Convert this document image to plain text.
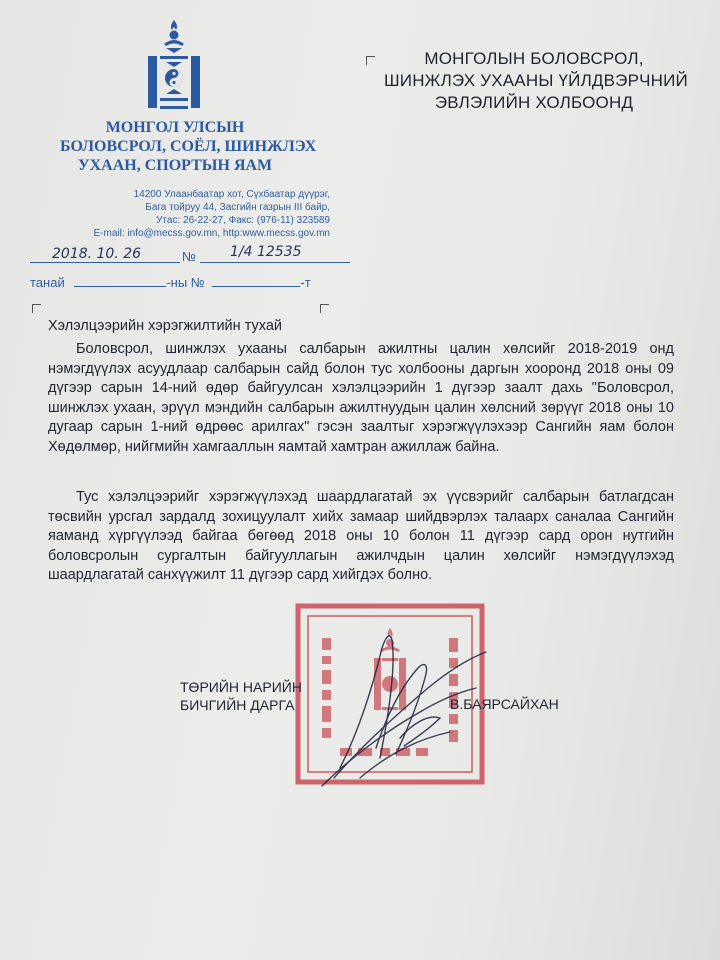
МОНГОЛ УЛСЫН
БОЛОВСРОЛ, СОЁЛ, ШИНЖЛЭХ
УХААН, СПОРТЫН ЯАМ
14200 Улаанбаатар хот, Сүхбаатар дүүрэг,
Бага тойруу 44, Засгийн газрын III байр,
Утас: 26-22-27, Факс: (976-11) 323589
E-mail: info@mecss.gov.mn, http:www.mecss.gov.mn
2018. 10. 26	№ 1/4 12535
танай	-ны №	-т
МОНГОЛЫН БОЛОВСРОЛ,
ШИНЖЛЭХ УХААНЫ ҮЙЛДВЭРЧНИЙ
ЭВЛЭЛИЙН ХОЛБООНД
Хэлэлцээрийн хэрэгжилтийн тухай
Боловсрол, шинжлэх ухааны салбарын ажилтны цалин хөлсийг 2018-2019 онд нэмэгдүүлэх асуудлаар салбарын сайд болон тус холбооны даргын хооронд 2018 оны 09 дүгээр сарын 14-ний өдөр байгуулсан хэлэлцээрийн 1 дүгээр заалт дахь "Боловсрол, шинжлэх ухаан, эрүүл мэндийн салбарын ажилтнуудын цалин хөлсний зөрүүг 2018 оны 10 дугаар сарын 1-ний өдрөөс арилгах" гэсэн заалтыг хэрэгжүүлэхээр Сангийн яам болон Хөдөлмөр, нийгмийн хамгааллын яамтай хамтран ажиллаж байна.
Тус хэлэлцээрийг хэрэгжүүлэхэд шаардлагатай эх үүсвэрийг салбарын батлагдсан төсвийн урсгал зардалд зохицуулалт хийх замаар шийдвэрлэх талаарх саналаа Сангийн яаманд хүргүүлээд байгаа бөгөөд 2018 оны 10 болон 11 дүгээр сард орон нутгийн боловсролын сургалтын байгууллагын ажилчдын цалин хөлсийг нэмэгдүүлэхэд шаардлагатай санхүүжилт 11 дүгээр сард хийгдэх болно.
ТӨРИЙН НАРИЙН
БИЧГИЙН ДАРГА	В.БАЯРСАЙХАН
